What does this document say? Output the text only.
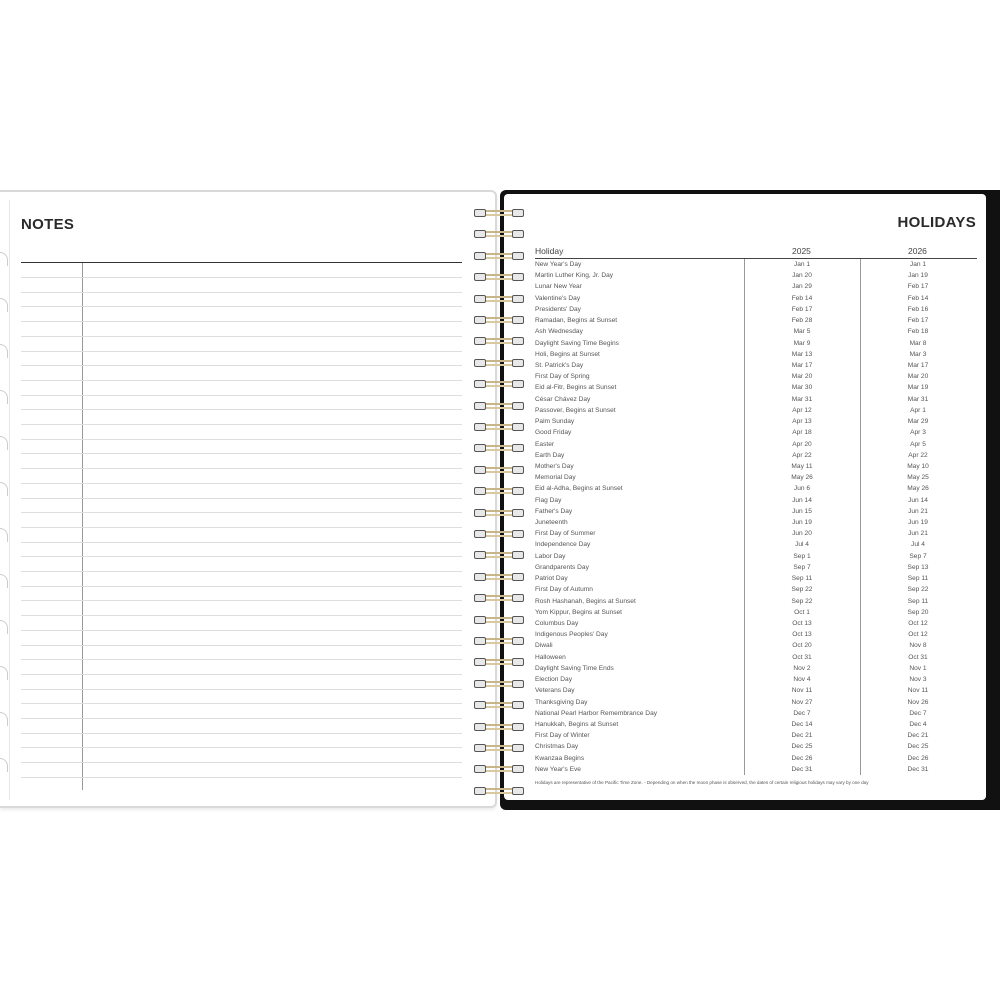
NOTES	HOLIDAYS
Holiday	2025	2026
New Year's Day	Jan 1	Jan 1
Martin Luther King, Jr. Day	Jan 20	Jan 19
Lunar New Year	Jan 29	Feb 17
Valentine's Day	Feb 14	Feb 14
Presidents' Day	Feb 17	Feb 16
Ramadan, Begins at Sunset	Feb 28	Feb 17
Ash Wednesday	Mar 5	Feb 18
Daylight Saving Time Begins	Mar 9	Mar 8
Holi, Begins at Sunset	Mar 13	Mar 3
St. Patrick's Day	Mar 17	Mar 17
First Day of Spring	Mar 20	Mar 20
Eid al-Fitr, Begins at Sunset	Mar 30	Mar 19
César Chávez Day	Mar 31	Mar 31
Passover, Begins at Sunset	Apr 12	Apr 1
Palm Sunday	Apr 13	Mar 29
Good Friday	Apr 18	Apr 3
Easter	Apr 20	Apr 5
Earth Day	Apr 22	Apr 22
Mother's Day	May 11	May 10
Memorial Day	May 26	May 25
Eid al-Adha, Begins at Sunset	Jun 6	May 26
Flag Day	Jun 14	Jun 14
Father's Day	Jun 15	Jun 21
Juneteenth	Jun 19	Jun 19
First Day of Summer	Jun 20	Jun 21
Independence Day	Jul 4	Jul 4
Labor Day	Sep 1	Sep 7
Grandparents Day	Sep 7	Sep 13
Patriot Day	Sep 11	Sep 11
First Day of Autumn	Sep 22	Sep 22
Rosh Hashanah, Begins at Sunset	Sep 22	Sep 11
Yom Kippur, Begins at Sunset	Oct 1	Sep 20
Columbus Day	Oct 13	Oct 12
Indigenous Peoples' Day	Oct 13	Oct 12
Diwali	Oct 20	Nov 8
Halloween	Oct 31	Oct 31
Daylight Saving Time Ends	Nov 2	Nov 1
Election Day	Nov 4	Nov 3
Veterans Day	Nov 11	Nov 11
Thanksgiving Day	Nov 27	Nov 26
National Pearl Harbor Remembrance Day	Dec 7	Dec 7
Hanukkah, Begins at Sunset	Dec 14	Dec 4
First Day of Winter	Dec 21	Dec 21
Christmas Day	Dec 25	Dec 25
Kwanzaa Begins	Dec 26	Dec 26
New Year's Eve	Dec 31	Dec 31
Holidays are representative of the Pacific Time Zone. - Depending on when the moon phase is observed, the dates of certain religious holidays may vary by one day
